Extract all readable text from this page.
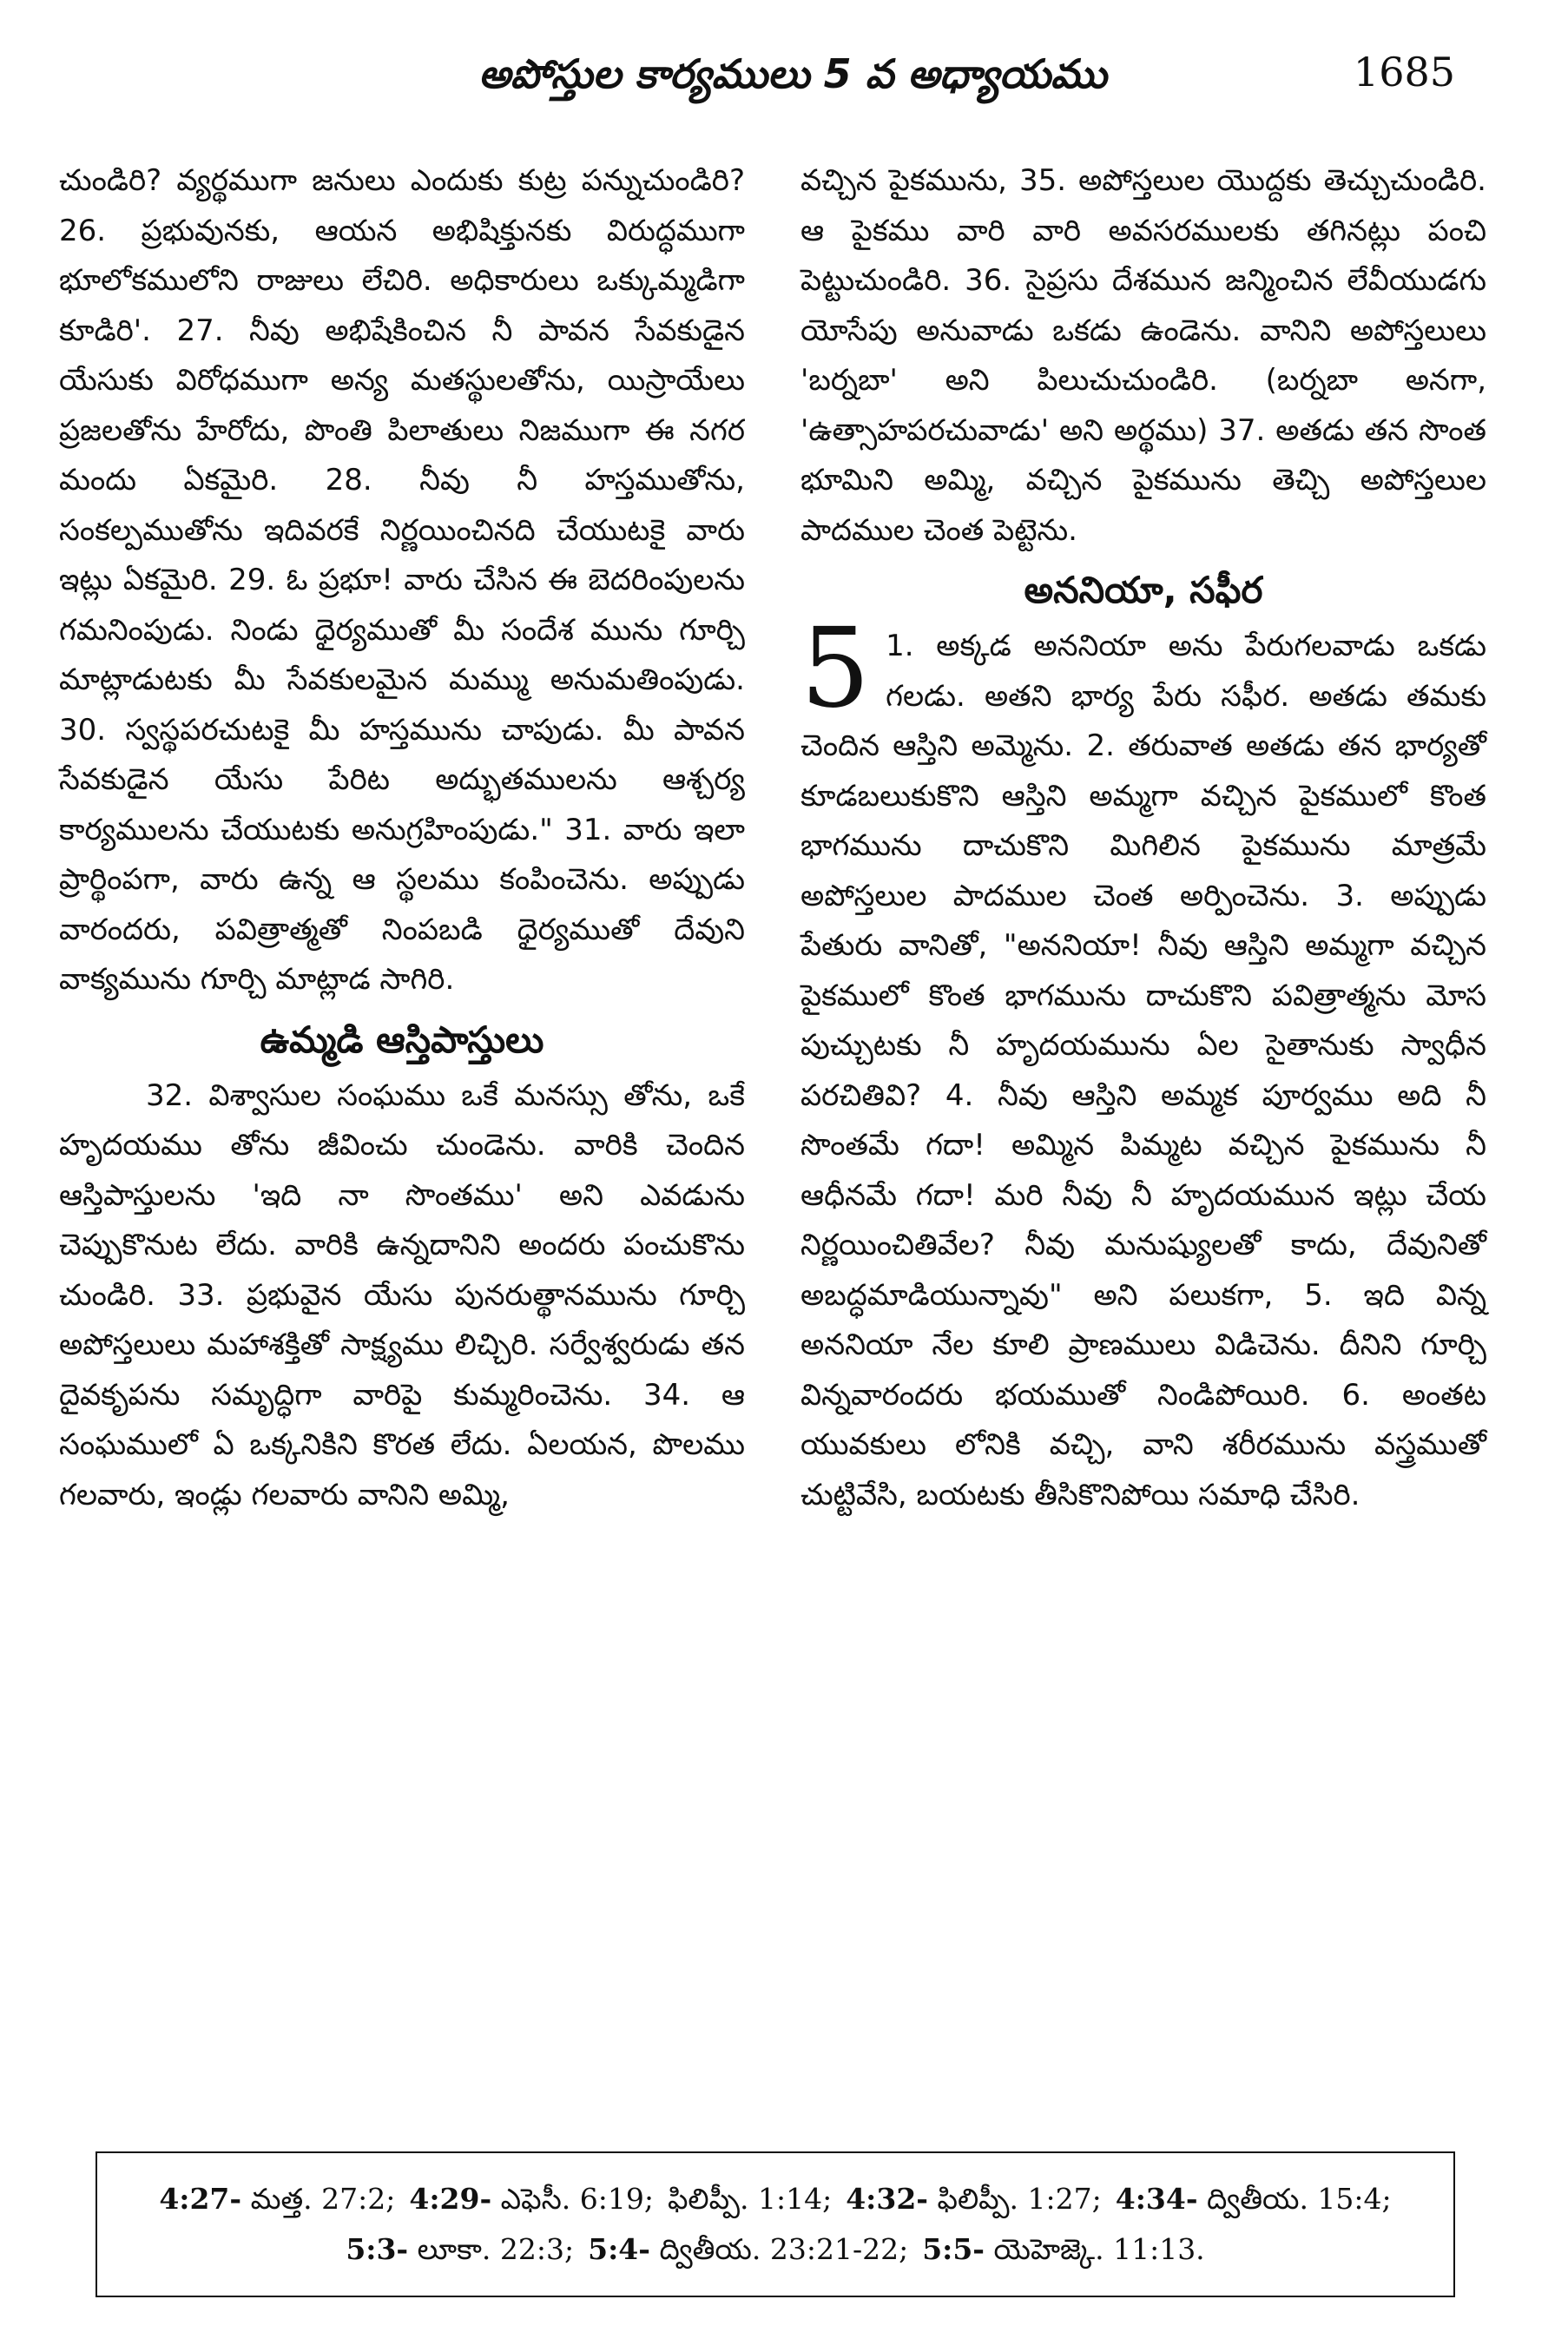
అపోస్తుల కార్యములు 5 వ అధ్యాయము	1685

చుండిరి? వ్యర్థముగా జనులు ఎందుకు కుట్ర పన్నుచుండిరి? 26. ప్రభువునకు, ఆయన అభిషిక్తునకు విరుద్ధముగా భూలోకములోని రాజులు లేచిరి. అధికారులు ఒక్కుమ్మడిగా కూడిరి'. 27. నీవు అభిషేకించిన నీ పావన సేవకుడైన యేసుకు విరోధముగా అన్య మతస్థులతోను, యిస్రాయేలు ప్రజలతోను హేరోదు, పొంతి పిలాతులు నిజముగా ఈ నగర మందు ఏకమైరి. 28. నీవు నీ హస్తముతోను, సంకల్పముతోను ఇదివరకే నిర్ణయించినది చేయుటకై వారు ఇట్లు ఏకమైరి. 29. ఓ ప్రభూ! వారు చేసిన ఈ బెదరింపులను గమనింపుడు. నిండు ధైర్యముతో మీ సందేశ మును గూర్చి మాట్లాడుటకు మీ సేవకులమైన మమ్ము అనుమతింపుడు. 30. స్వస్థపరచుటకై మీ హస్తమును చాపుడు. మీ పావన సేవకుడైన యేసు పేరిట అద్భుతములను ఆశ్చర్య కార్యములను చేయుటకు అనుగ్రహింపుడు." 31. వారు ఇలా ప్రార్థింపగా, వారు ఉన్న ఆ స్థలము కంపించెను. అప్పుడు వారందరు, పవిత్రాత్మతో నింపబడి ధైర్యముతో దేవుని వాక్యమును గూర్చి మాట్లాడ సాగిరి.

ఉమ్మడి ఆస్తిపాస్తులు

32. విశ్వాసుల సంఘము ఒకే మనస్సు తోను, ఒకే హృదయము తోను జీవించు చుండెను. వారికి చెందిన ఆస్తిపాస్తులను 'ఇది నా సొంతము' అని ఎవడును చెప్పుకొనుట లేదు. వారికి ఉన్నదానిని అందరు పంచుకొను చుండిరి. 33. ప్రభువైన యేసు పునరుత్థానమును గూర్చి అపోస్తలులు మహాశక్తితో సాక్ష్యము లిచ్చిరి. సర్వేశ్వరుడు తన దైవకృపను సమృద్ధిగా వారిపై కుమ్మరించెను. 34. ఆ సంఘములో ఏ ఒక్కనికిని కొరత లేదు. ఏలయన, పొలము గలవారు, ఇండ్లు గలవారు వానిని అమ్మి,

వచ్చిన పైకమును, 35. అపోస్తలుల యొద్దకు తెచ్చుచుండిరి. ఆ పైకము వారి వారి అవసరములకు తగినట్లు పంచి పెట్టుచుండిరి. 36. సైప్రసు దేశమున జన్మించిన లేవీయుడగు యోసేపు అనువాడు ఒకడు ఉండెను. వానిని అపోస్తలులు 'బర్నబా' అని పిలుచుచుండిరి. (బర్నబా అనగా, 'ఉత్సాహపరచువాడు' అని అర్థము) 37. అతడు తన సొంత భూమిని అమ్మి, వచ్చిన పైకమును తెచ్చి అపోస్తలుల పాదముల చెంత పెట్టెను.

అననియా, సఫీర

5 1. అక్కడ అననియా అను పేరుగలవాడు ఒకడు గలడు. అతని భార్య పేరు సఫీర. అతడు తమకు చెందిన ఆస్తిని అమ్మెను. 2. తరువాత అతడు తన భార్యతో కూడబలుకుకొని ఆస్తిని అమ్మగా వచ్చిన పైకములో కొంత భాగమును దాచుకొని మిగిలిన పైకమును మాత్రమే అపోస్తలుల పాదముల చెంత అర్పించెను. 3. అప్పుడు పేతురు వానితో, "అననియా! నీవు ఆస్తిని అమ్మగా వచ్చిన పైకములో కొంత భాగమును దాచుకొని పవిత్రాత్మను మోస పుచ్చుటకు నీ హృదయమును ఏల సైతానుకు స్వాధీన పరచితివి? 4. నీవు ఆస్తిని అమ్మక పూర్వము అది నీ సొంతమే గదా! అమ్మిన పిమ్మట వచ్చిన పైకమును నీ ఆధీనమే గదా! మరి నీవు నీ హృదయమున ఇట్లు చేయ నిర్ణయించితివేల? నీవు మనుష్యులతో కాదు, దేవునితో అబద్ధమాడియున్నావు" అని పలుకగా, 5. ఇది విన్న అననియా నేల కూలి ప్రాణములు విడిచెను. దీనిని గూర్చి విన్నవారందరు భయముతో నిండిపోయిరి. 6. అంతట యువకులు లోనికి వచ్చి, వాని శరీరమును వస్త్రముతో చుట్టివేసి, బయటకు తీసికొనిపోయి సమాధి చేసిరి.

4:27- మత్త. 27:2; 4:29- ఎఫెసీ. 6:19; ఫిలిప్పీ. 1:14; 4:32- ఫిలిప్పీ. 1:27; 4:34- ద్వితీయ. 15:4;
5:3- లూకా. 22:3; 5:4- ద్వితీయ. 23:21-22; 5:5- యెహెజ్కె. 11:13.
